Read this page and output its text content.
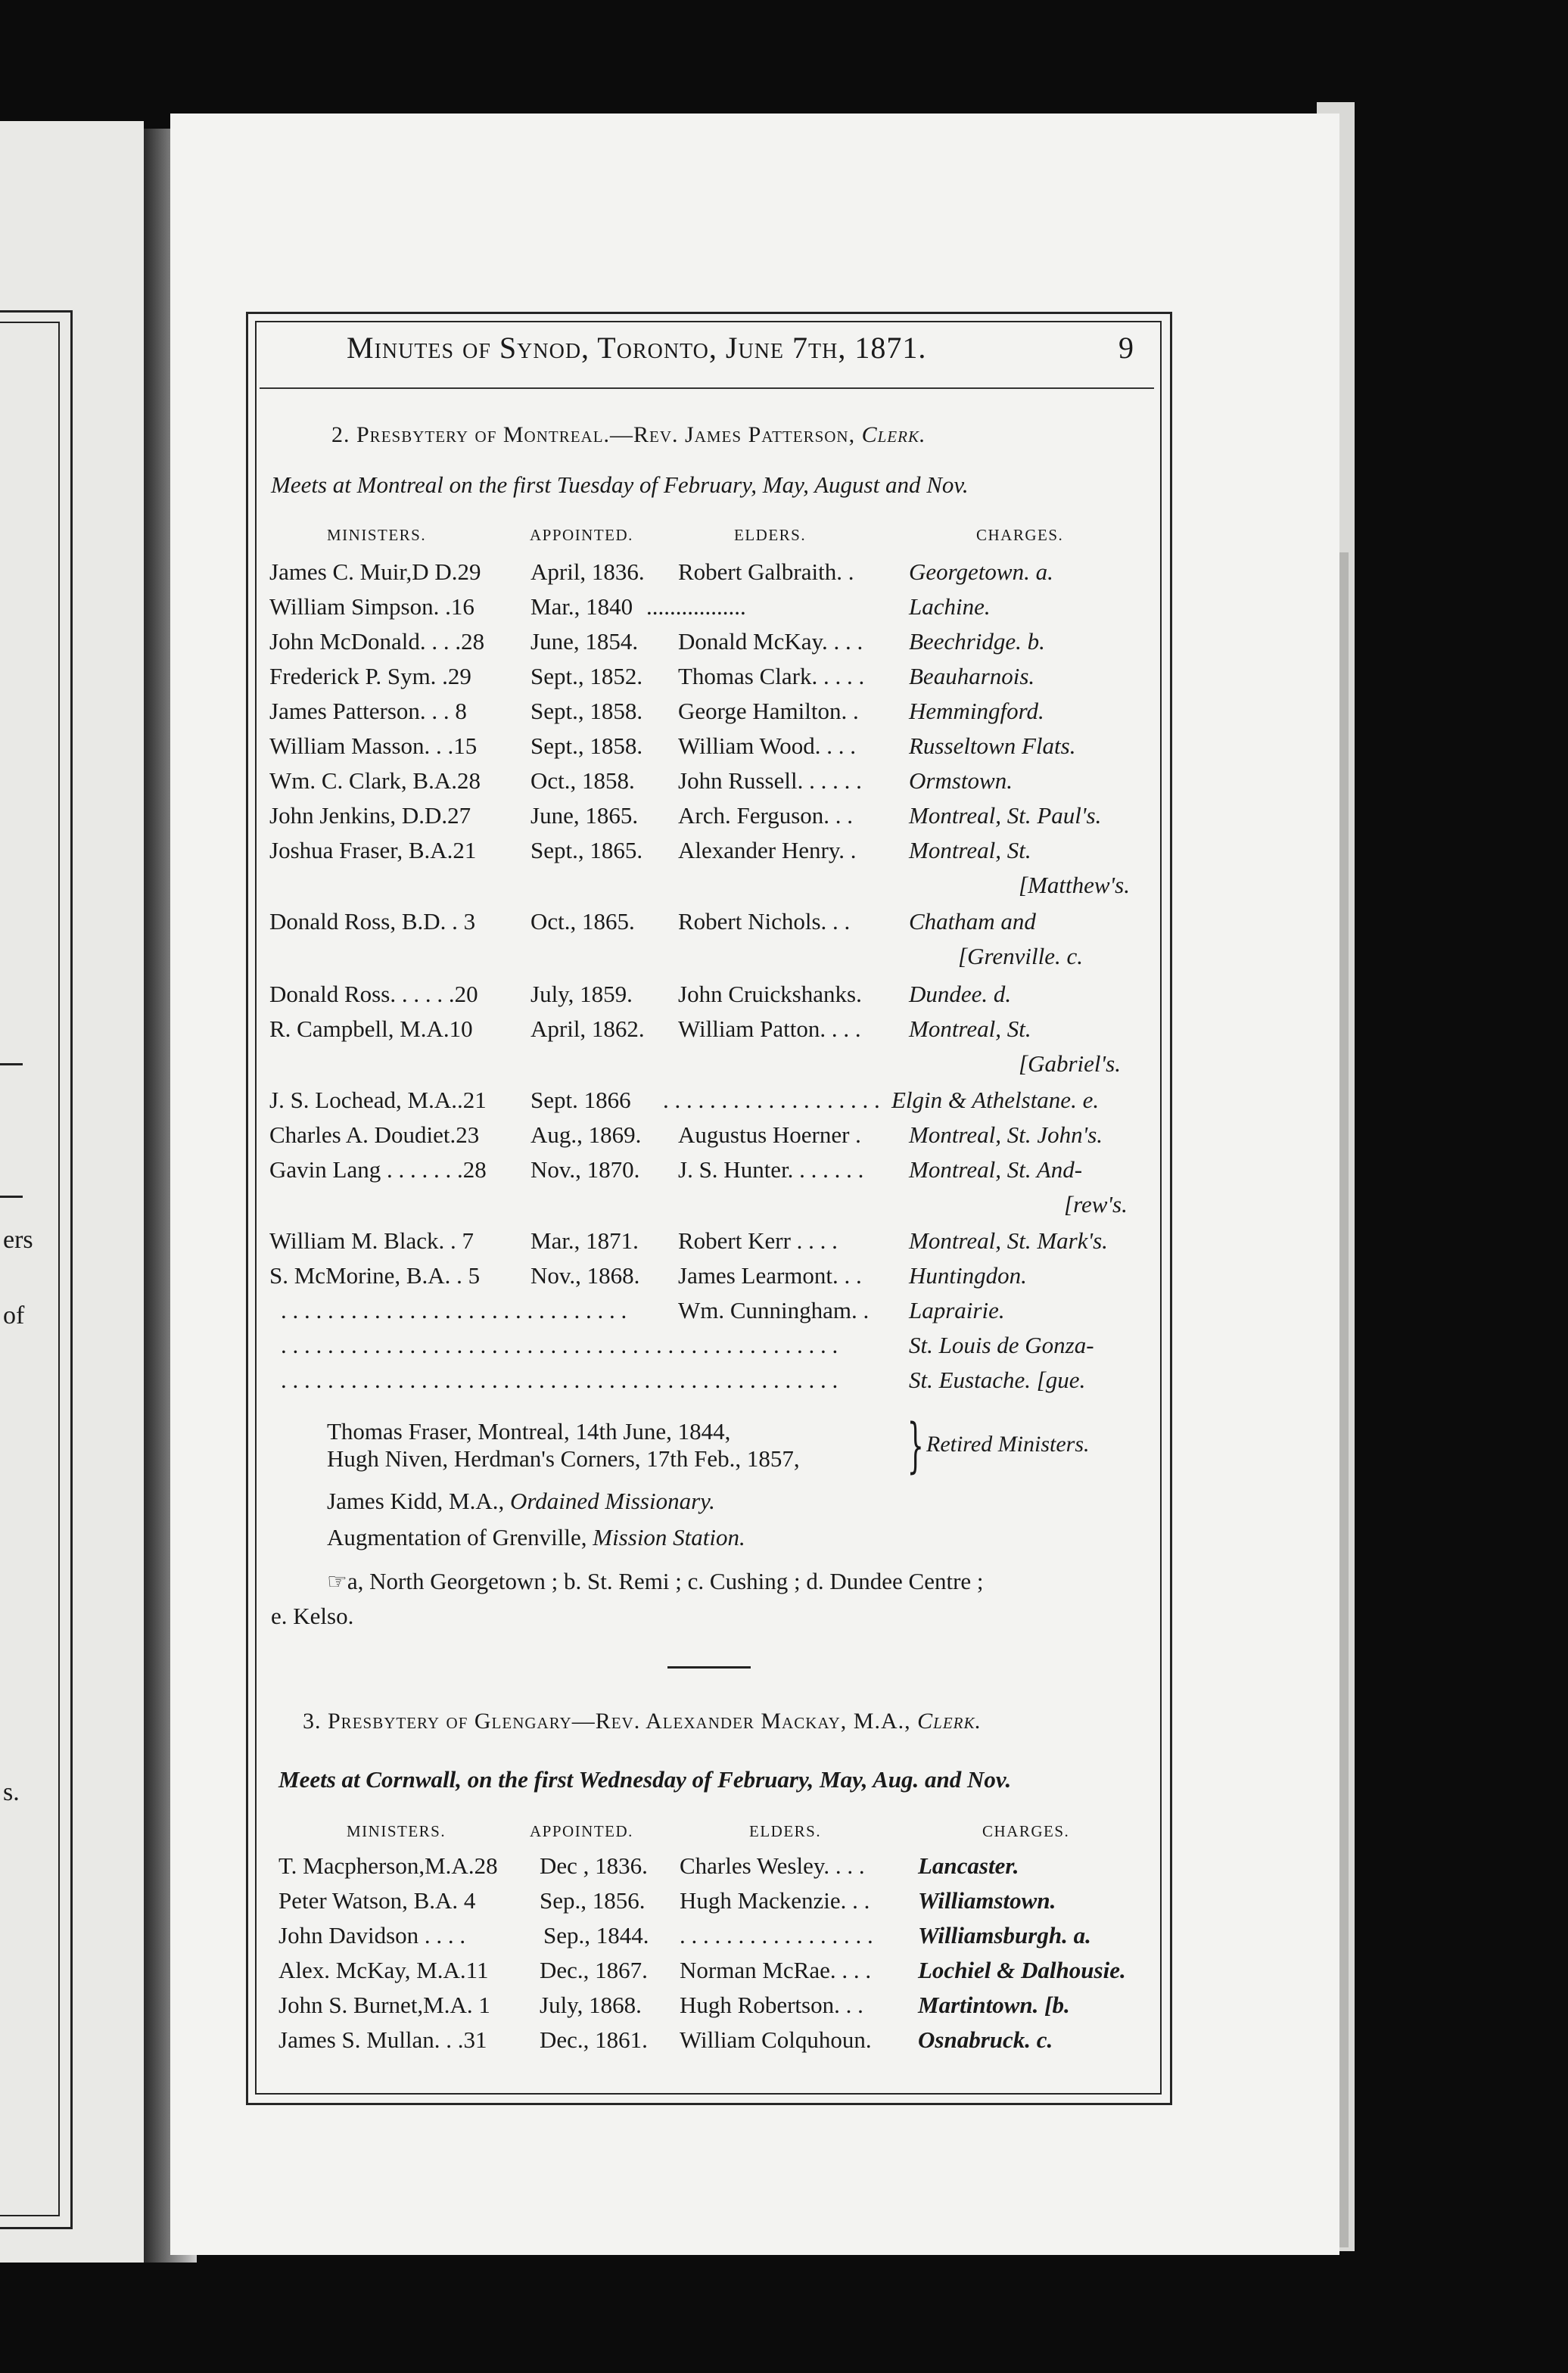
ers
of
s.
Minutes of Synod, Toronto, June 7th, 1871.	9
2. Presbytery of Montreal.—Rev. James Patterson, Clerk.
Meets at Montreal on the first Tuesday of February, May, August and Nov.
MINISTERS.	APPOINTED.	ELDERS.	CHARGES.
James C. Muir,D D.29 April, 1836. Robert Galbraith. . Georgetown. a.
William Simpson. .16 Mar., 1840 .................	Lachine.
John McDonald. . . .28 June, 1854. Donald McKay. . . . Beechridge. b.
Frederick P. Sym. .29	Sept., 1852. Thomas Clark. . . . . Beauharnois.
James Patterson. . . 8	Sept., 1858. George Hamilton. . Hemmingford.
William Masson. . .15 Sept., 1858. William Wood. . . . Russeltown Flats.
Wm. C. Clark, B.A.28 Oct., 1858. John Russell. . . . . . Ormstown.
John Jenkins, D.D.27	June, 1865. Arch. Ferguson. . . Montreal, St. Paul's.
Joshua Fraser, B.A.21 Sept., 1865. Alexander Henry. . Montreal, St.
[Matthew's.
Donald Ross, B.D. . 3 Oct., 1865. Robert Nichols. . .	Chatham and
[Grenville. c.
Donald Ross. . . . . .20 July, 1859. John Cruickshanks. Dundee. d.
R. Campbell, M.A.10 April, 1862. William Patton. . . . Montreal, St.
[Gabriel's.
J. S. Lochead, M.A..21 Sept. 1866 . . . . . . . . . . . . . . . . . . . Elgin & Athelstane. e.
Charles A. Doudiet.23 Aug., 1869. Augustus Hoerner . Montreal, St. John's.
Gavin Lang . . . . . . .28 Nov., 1870. J. S. Hunter. . . . . . . Montreal, St. And-
[rew's.
William M. Black. . 7 Mar., 1871. Robert Kerr . . . .	Montreal, St. Mark's.
S. McMorine, B.A. . 5 Nov., 1868. James Learmont. . . Huntingdon.
. . . . . . . . . . . . . . . . . . . . . . . . . . . . . . Wm. Cunningham. . Laprairie.
. . . . . . . . . . . . . . . . . . . . . . . . . . . . . . . . . . . . . . . . . . . . . . . .	St. Louis de Gonza-
. . . . . . . . . . . . . . . . . . . . . . . . . . . . . . . . . . . . . . . . . . . . . . . .	St. Eustache. [gue.
Thomas Fraser, Montreal, 14th June, 1844,
Hugh Niven, Herdman's Corners, 17th Feb., 1857, } Retired Ministers.
James Kidd, M.A., Ordained Missionary.
Augmentation of Grenville, Mission Station.
☞a, North Georgetown ; b. St. Remi ; c. Cushing ; d. Dundee Centre ;
e. Kelso.
3. Presbytery of Glengary—Rev. Alexander Mackay, M.A., Clerk.
Meets at Cornwall, on the first Wednesday of February, May, Aug. and Nov.
MINISTERS.	APPOINTED.	ELDERS.	CHARGES.
T. Macpherson,M.A.28 Dec , 1836. Charles Wesley. . . . Lancaster.
Peter Watson, B.A. 4	Sep., 1856. Hugh Mackenzie. . . Williamstown.
John Davidson . . . .	Sep., 1844. . . . . . . . . . . . . . . . . . Williamsburgh. a.
Alex. McKay, M.A.11 Dec., 1867. Norman McRae. . . . Lochiel & Dalhousie.
John S. Burnet,M.A. 1 July, 1868. Hugh Robertson. . . Martintown. [b.
James S. Mullan. . .31 Dec., 1861. William Colquhoun. Osnabruck. c.
